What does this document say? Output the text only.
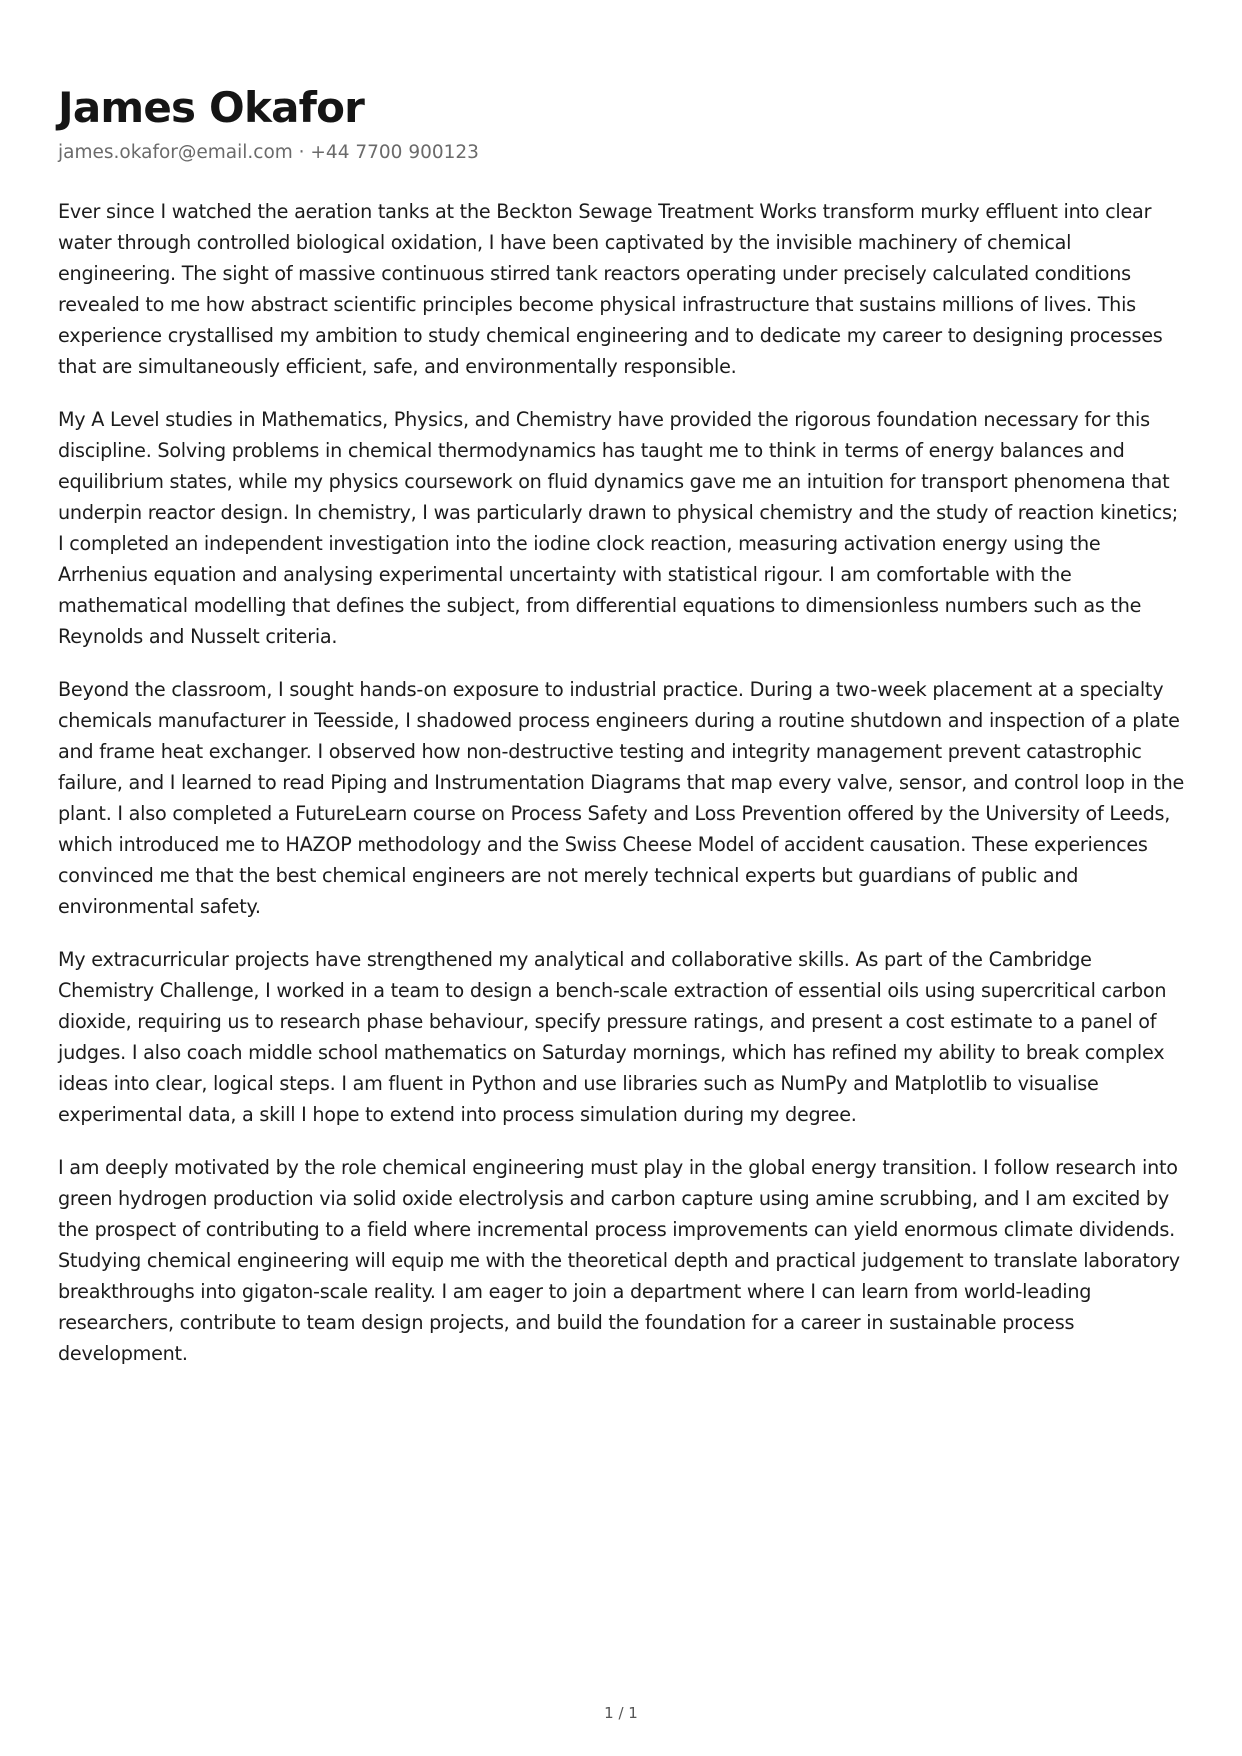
James Okafor
james.okafor@email.com · +44 7700 900123

Ever since I watched the aeration tanks at the Beckton Sewage Treatment Works transform murky effluent into clear water through controlled biological oxidation, I have been captivated by the invisible machinery of chemical engineering. The sight of massive continuous stirred tank reactors operating under precisely calculated conditions revealed to me how abstract scientific principles become physical infrastructure that sustains millions of lives. This experience crystallised my ambition to study chemical engineering and to dedicate my career to designing processes that are simultaneously efficient, safe, and environmentally responsible.

My A Level studies in Mathematics, Physics, and Chemistry have provided the rigorous foundation necessary for this discipline. Solving problems in chemical thermodynamics has taught me to think in terms of energy balances and equilibrium states, while my physics coursework on fluid dynamics gave me an intuition for transport phenomena that underpin reactor design. In chemistry, I was particularly drawn to physical chemistry and the study of reaction kinetics; I completed an independent investigation into the iodine clock reaction, measuring activation energy using the Arrhenius equation and analysing experimental uncertainty with statistical rigour. I am comfortable with the mathematical modelling that defines the subject, from differential equations to dimensionless numbers such as the Reynolds and Nusselt criteria.

Beyond the classroom, I sought hands-on exposure to industrial practice. During a two-week placement at a specialty chemicals manufacturer in Teesside, I shadowed process engineers during a routine shutdown and inspection of a plate and frame heat exchanger. I observed how non-destructive testing and integrity management prevent catastrophic failure, and I learned to read Piping and Instrumentation Diagrams that map every valve, sensor, and control loop in the plant. I also completed a FutureLearn course on Process Safety and Loss Prevention offered by the University of Leeds, which introduced me to HAZOP methodology and the Swiss Cheese Model of accident causation. These experiences convinced me that the best chemical engineers are not merely technical experts but guardians of public and environmental safety.

My extracurricular projects have strengthened my analytical and collaborative skills. As part of the Cambridge Chemistry Challenge, I worked in a team to design a bench-scale extraction of essential oils using supercritical carbon dioxide, requiring us to research phase behaviour, specify pressure ratings, and present a cost estimate to a panel of judges. I also coach middle school mathematics on Saturday mornings, which has refined my ability to break complex ideas into clear, logical steps. I am fluent in Python and use libraries such as NumPy and Matplotlib to visualise experimental data, a skill I hope to extend into process simulation during my degree.

I am deeply motivated by the role chemical engineering must play in the global energy transition. I follow research into green hydrogen production via solid oxide electrolysis and carbon capture using amine scrubbing, and I am excited by the prospect of contributing to a field where incremental process improvements can yield enormous climate dividends. Studying chemical engineering will equip me with the theoretical depth and practical judgement to translate laboratory breakthroughs into gigaton-scale reality. I am eager to join a department where I can learn from world-leading researchers, contribute to team design projects, and build the foundation for a career in sustainable process development.

1 / 1
